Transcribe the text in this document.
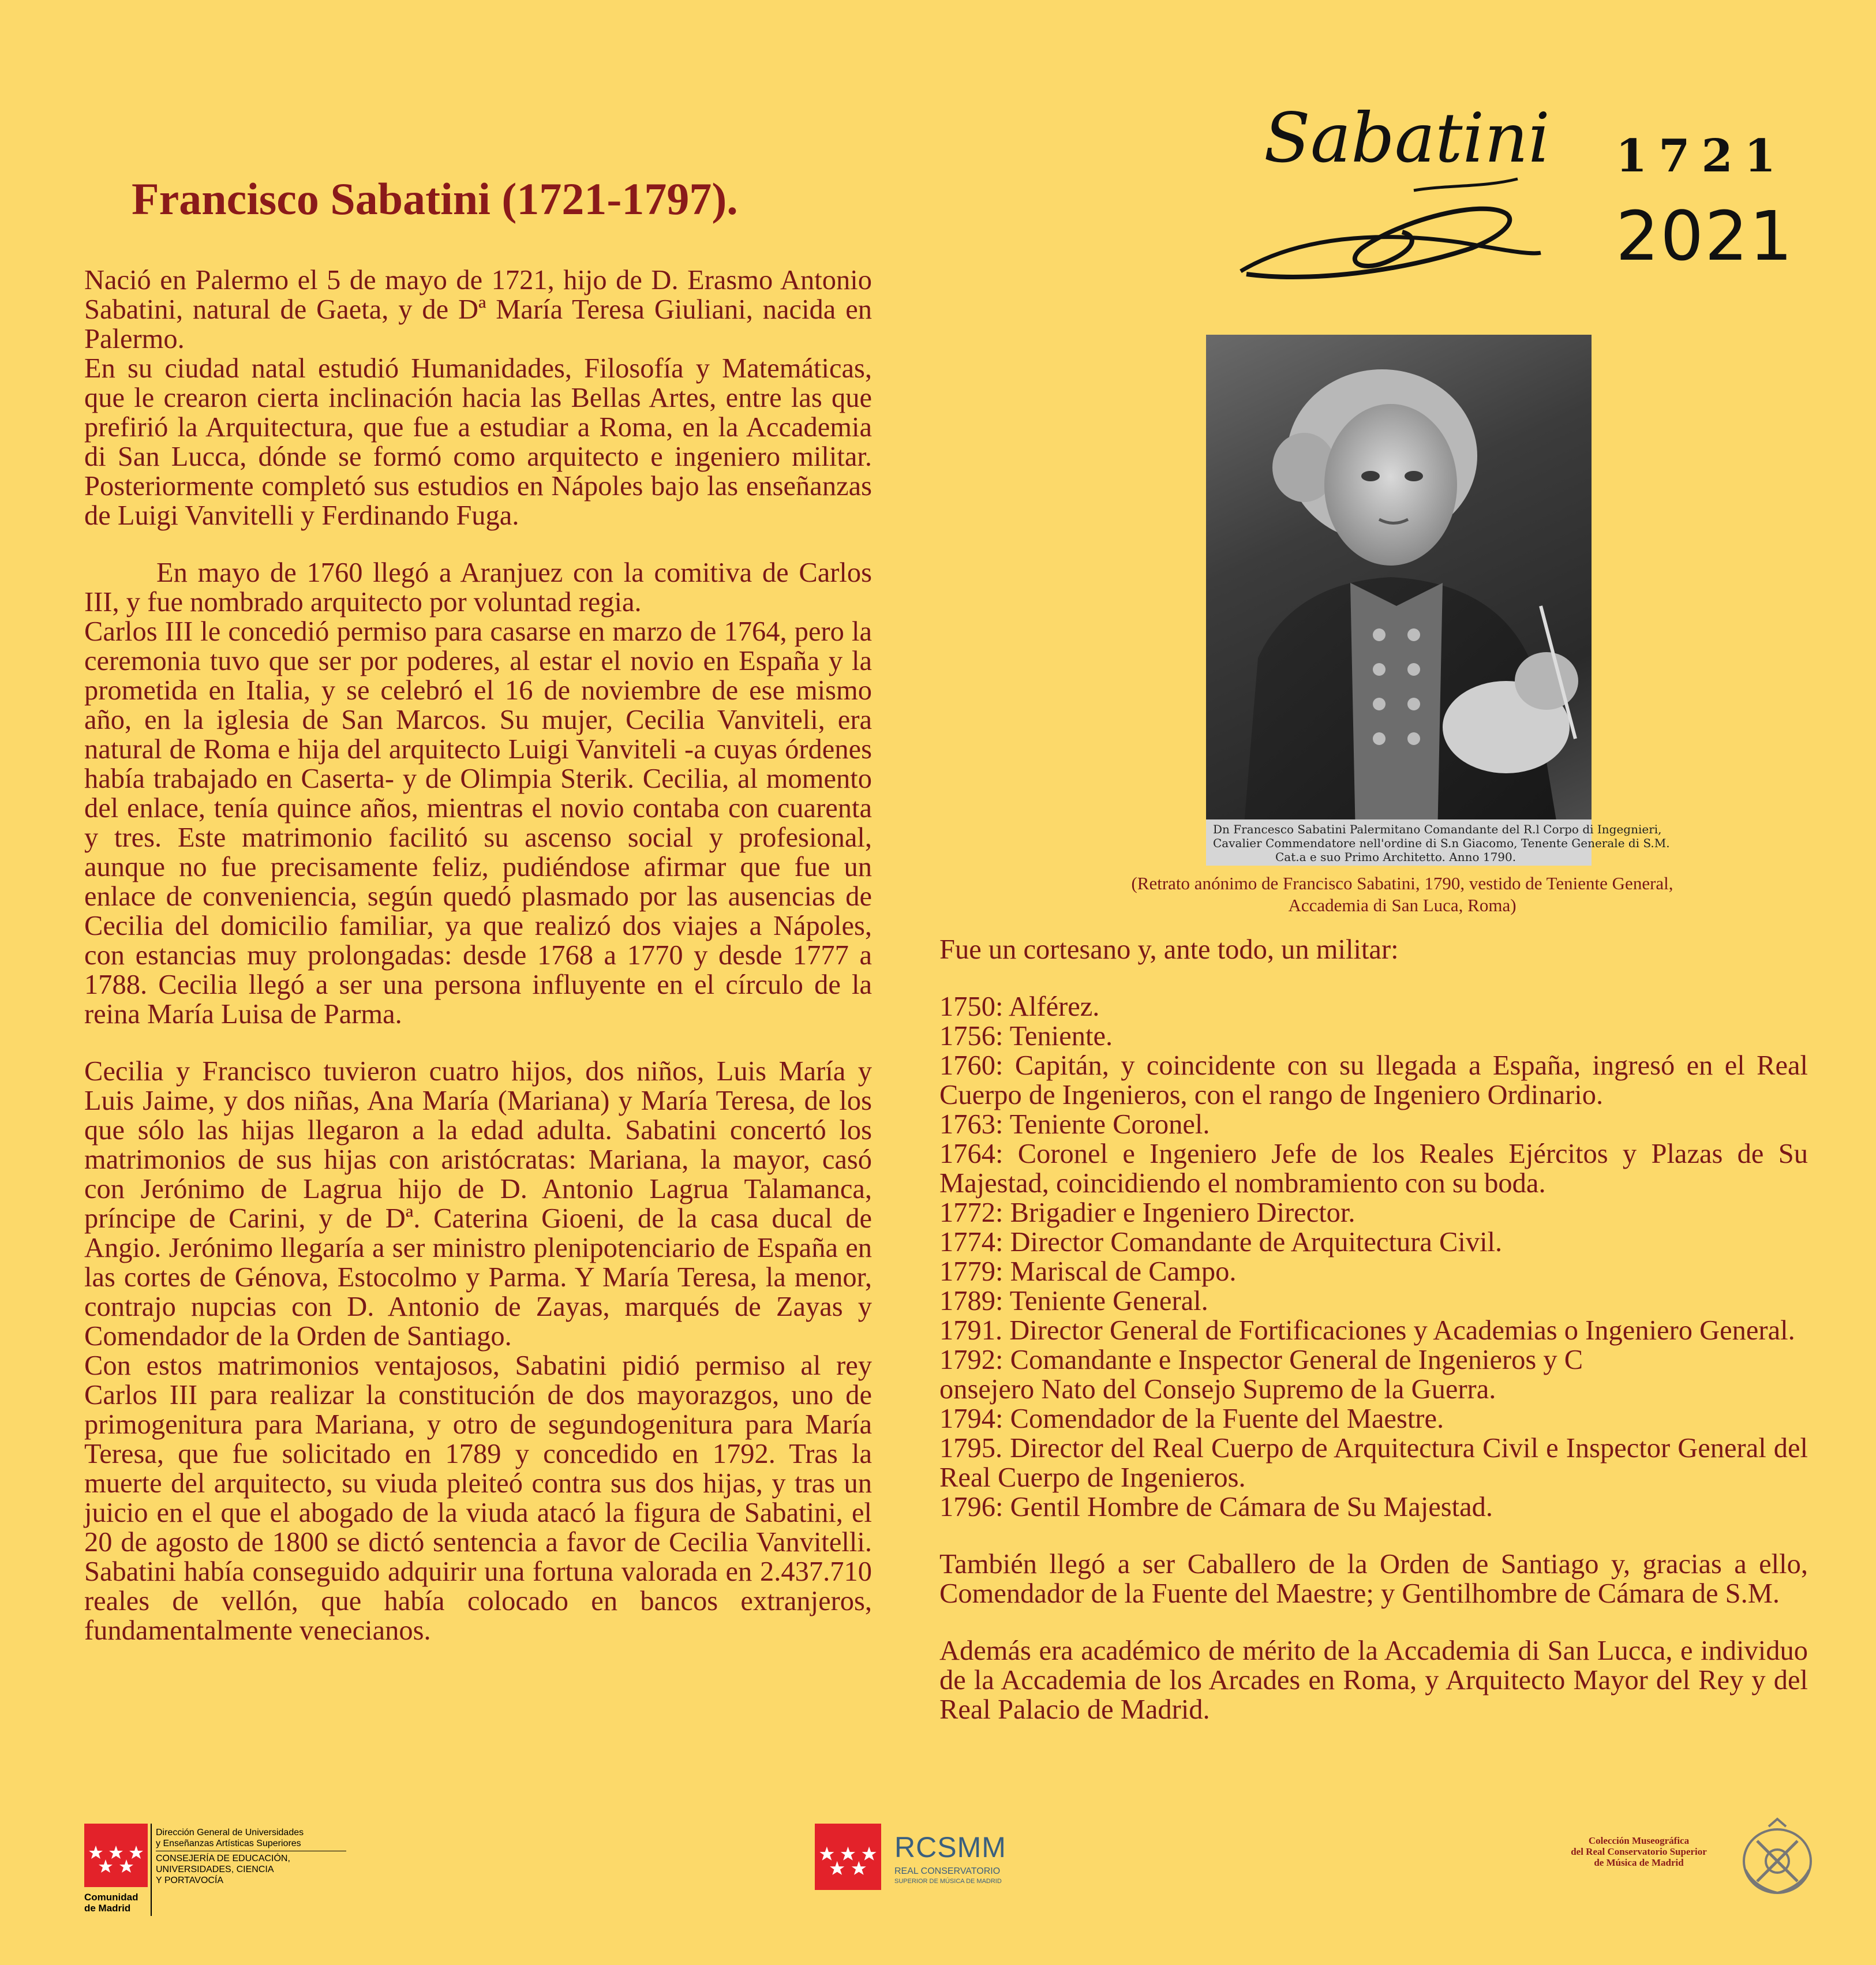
Francisco Sabatini (1721-1797).
Sabatini 1721
2021

Nació en Palermo el 5 de mayo de 1721, hijo de D. Erasmo Antonio Sabatini, natural de Gaeta, y de Dª María Teresa Giuliani, nacida en Palermo.

En su ciudad natal estudió Humanidades, Filosofía y Matemáticas, que le crearon cierta inclinación hacia las Bellas Artes, entre las que prefirió la Arquitectura, que fue a estudiar a Roma, en la Accademia di San Lucca, dónde se formó como arquitecto e ingeniero militar. Posteriormente completó sus estudios en Nápoles bajo las enseñanzas de Luigi Vanvitelli y Ferdinando Fuga.

En mayo de 1760 llegó a Aranjuez con la comitiva de Carlos III, y fue nombrado arquitecto por voluntad regia.

Carlos III le concedió permiso para casarse en marzo de 1764, pero la ceremonia tuvo que ser por poderes, al estar el novio en España y la prometida en Italia, y se celebró el 16 de noviembre de ese mismo año, en la iglesia de San Marcos. Su mujer, Cecilia Vanviteli, era natural de Roma e hija del arquitecto Luigi Vanviteli -a cuyas órdenes había trabajado en Caserta- y de Olimpia Sterik. Cecilia, al momento del enlace, tenía quince años, mientras el novio contaba con cuarenta y tres. Este matrimonio facilitó su ascenso social y profesional, aunque no fue precisamente feliz, pudiéndose afirmar que fue un enlace de conveniencia, según quedó plasmado por las ausencias de Cecilia del domicilio familiar, ya que realizó dos viajes a Nápoles, con estancias muy prolongadas: desde 1768 a 1770 y desde 1777 a 1788. Cecilia llegó a ser una persona influyente en el círculo de la reina María Luisa de Parma.

Cecilia y Francisco tuvieron cuatro hijos, dos niños, Luis María y Luis Jaime, y dos niñas, Ana María (Mariana) y María Teresa, de los que sólo las hijas llegaron a la edad adulta. Sabatini concertó los matrimonios de sus hijas con aristócratas: Mariana, la mayor, casó con Jerónimo de Lagrua hijo de D. Antonio Lagrua Talamanca, príncipe de Carini, y de Dª. Caterina Gioeni, de la casa ducal de Angio. Jerónimo llegaría a ser ministro plenipotenciario de España en las cortes de Génova, Estocolmo y Parma. Y María Teresa, la menor, contrajo nupcias con D. Antonio de Zayas, marqués de Zayas y Comendador de la Orden de Santiago.

Con estos matrimonios ventajosos, Sabatini pidió permiso al rey Carlos III para realizar la constitución de dos mayorazgos, uno de primogenitura para Mariana, y otro de segundogenitura para María Teresa, que fue solicitado en 1789 y concedido en 1792. Tras la muerte del arquitecto, su viuda pleiteó contra sus dos hijas, y tras un juicio en el que el abogado de la viuda atacó la figura de Sabatini, el 20 de agosto de 1800 se dictó sentencia a favor de Cecilia Vanvitelli. Sabatini había conseguido adquirir una fortuna valorada en 2.437.710 reales de vellón, que había colocado en bancos extranjeros, fundamentalmente venecianos.

Dn Francesco Sabatini Palermitano Comandante del R.l Corpo di Ingegnieri,
Cavalier Commendatore nell'ordine di S.n Giacomo, Tenente Generale di S.M.
Cat.a e suo Primo Architetto. Anno 1790.
(Retrato anónimo de Francisco Sabatini, 1790, vestido de Teniente General,
Accademia di San Luca, Roma)

Fue un cortesano y, ante todo, un militar:

1750: Alférez.

1756: Teniente.

1760: Capitán, y coincidente con su llegada a España, ingresó en el Real Cuerpo de Ingenieros, con el rango de Ingeniero Ordinario.

1763: Teniente Coronel.

1764: Coronel e Ingeniero Jefe de los Reales Ejércitos y Plazas de Su Majestad, coincidiendo el nombramiento con su boda.

1772: Brigadier e Ingeniero Director.

1774: Director Comandante de Arquitectura Civil.

1779: Mariscal de Campo.

1789: Teniente General.

1791. Director General de Fortificaciones y Academias o Ingeniero General.

1792: Comandante e Inspector General de Ingenieros y C

onsejero Nato del Consejo Supremo de la Guerra.

1794: Comendador de la Fuente del Maestre.

1795. Director del Real Cuerpo de Arquitectura Civil e Inspector General del Real Cuerpo de Ingenieros.

1796: Gentil Hombre de Cámara de Su Majestad.

También llegó a ser Caballero de la Orden de Santiago y, gracias a ello, Comendador de la Fuente del Maestre; y Gentilhombre de Cámara de S.M.

Además era académico de mérito de la Accademia di San Lucca, e individuo de la Accademia de los Arcades en Roma, y Arquitecto Mayor del Rey y del Real Palacio de Madrid.

Comunidad
de Madrid
Dirección General de Universidades
y Enseñanzas Artísticas Superiores
CONSEJERÍA DE EDUCACIÓN,
UNIVERSIDADES, CIENCIA
Y PORTAVOCÍA
RCSMM
REAL CONSERVATORIO
SUPERIOR DE MÚSICA DE MADRID
Colección Museográfica
del Real Conservatorio Superior
de Música de Madrid
